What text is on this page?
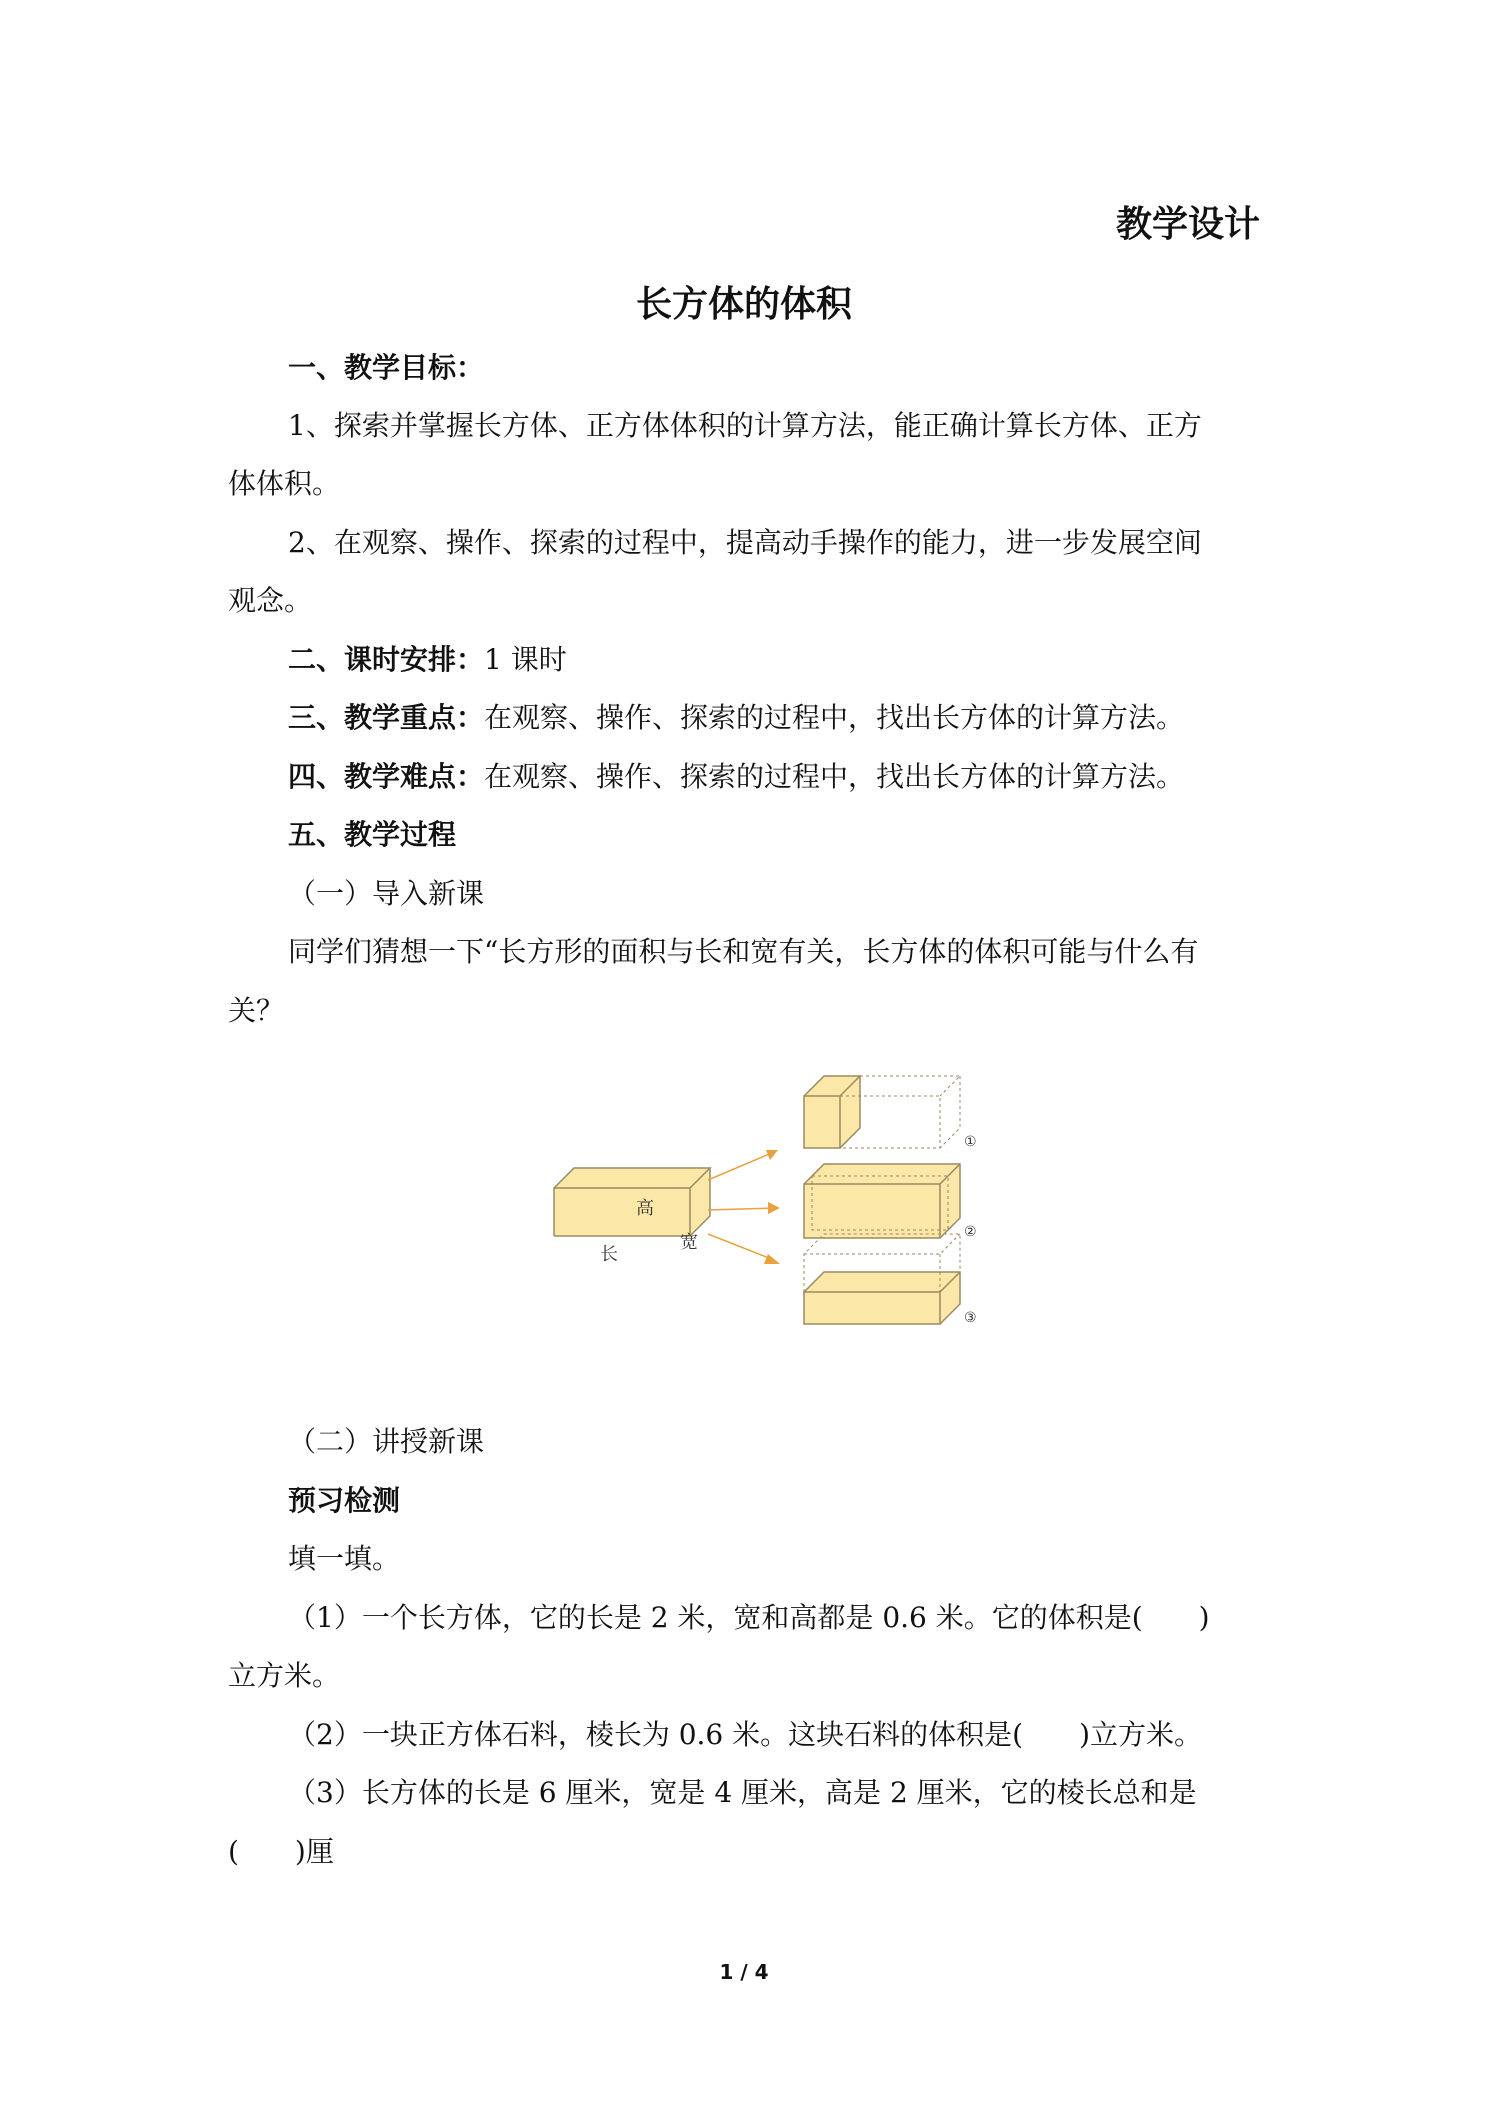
教学设计
长方体的体积
一、教学目标：
1、探索并掌握长方体、正方体体积的计算方法，能正确计算长方体、正方
体体积。
2、在观察、操作、探索的过程中，提高动手操作的能力，进一步发展空间
观念。
二、课时安排：1 课时
三、教学重点：在观察、操作、探索的过程中，找出长方体的计算方法。
四、教学难点：在观察、操作、探索的过程中，找出长方体的计算方法。
五、教学过程
（一）导入新课
同学们猜想一下“长方形的面积与长和宽有关，长方体的体积可能与什么有
关？
高
长
宽
①
②
③
（二）讲授新课
预习检测
填一填。
（1）一个长方体，它的长是 2 米，宽和高都是 0.6 米。它的体积是(　　)
立方米。
（2）一块正方体石料，棱长为 0.6 米。这块石料的体积是(　　)立方米。
（3）长方体的长是 6 厘米，宽是 4 厘米，高是 2 厘米，它的棱长总和是
(　　)厘
1 / 4
